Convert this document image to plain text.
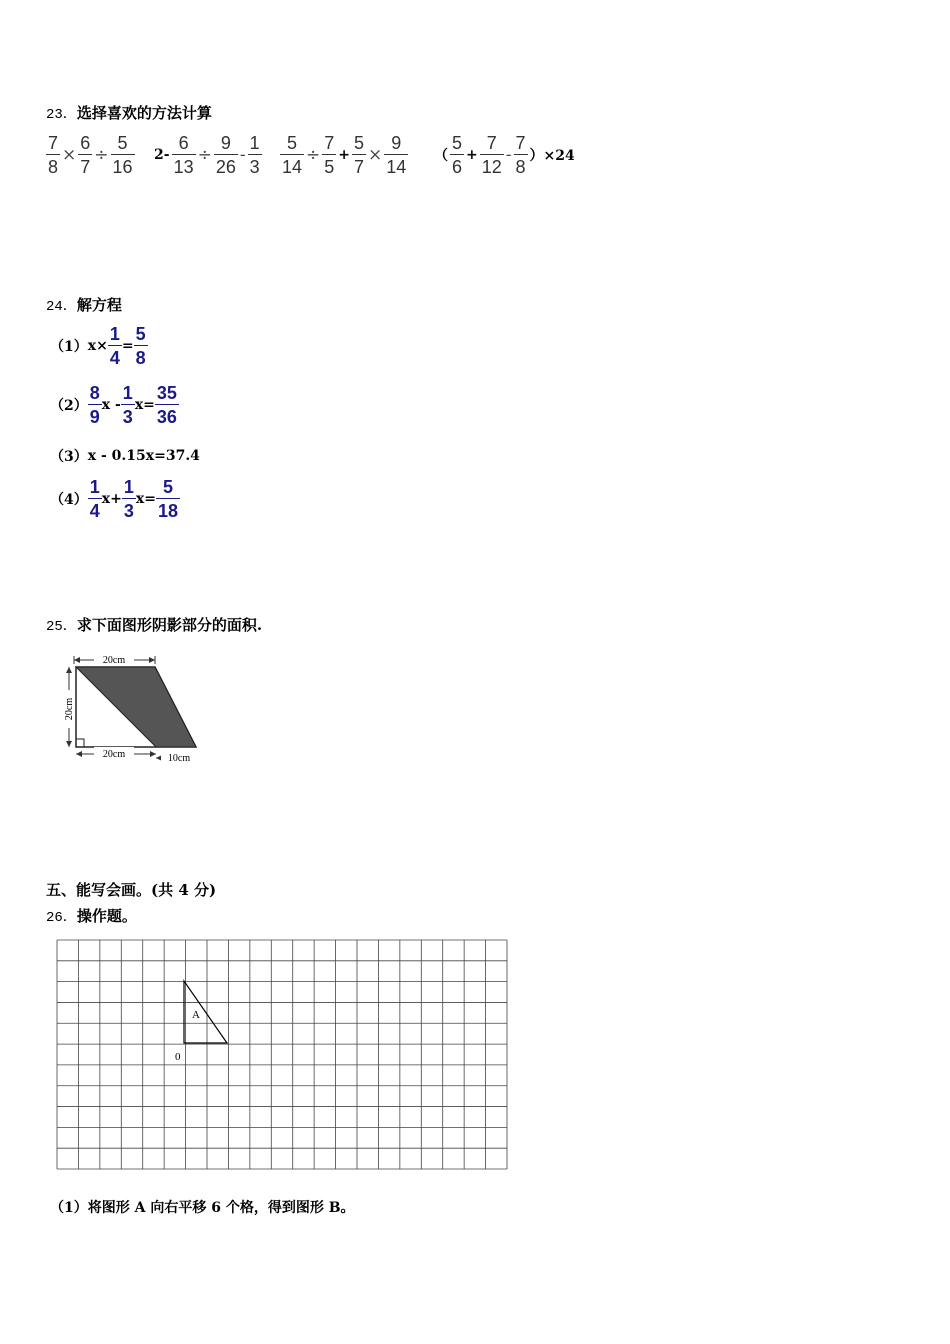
23．选择喜欢的方法计算
$\frac{7}{8} \times \frac{6}{7} \div \frac{5}{16} 2- \frac{6}{13} \div \frac{9}{26} - \frac{1}{3} \frac{5}{14} \div \frac{7}{5} + \frac{5}{7} \times \frac{9}{14}$ （ $\frac{5}{6} + \frac{7}{12} - \frac{7}{8} )\times 24$
24．解方程
$(1)x\times \frac{1}{4} = \frac{5}{8}$
$(2) \frac{8}{9}$ $x - \frac{1}{3} x= \frac{35}{36}$
（3）x - 0.15x=37.4
$(4) \frac{1}{4} x+ \frac{1}{3} x= \frac{5}{18}$
25．求下面图形阴影部分的面积.
20cm
20cm
20cm	10cm
五、能写会画。(共 4 分)
26．操作题。
A
0
（1）将图形 A 向右平移 6 个格，得到图形 B。
